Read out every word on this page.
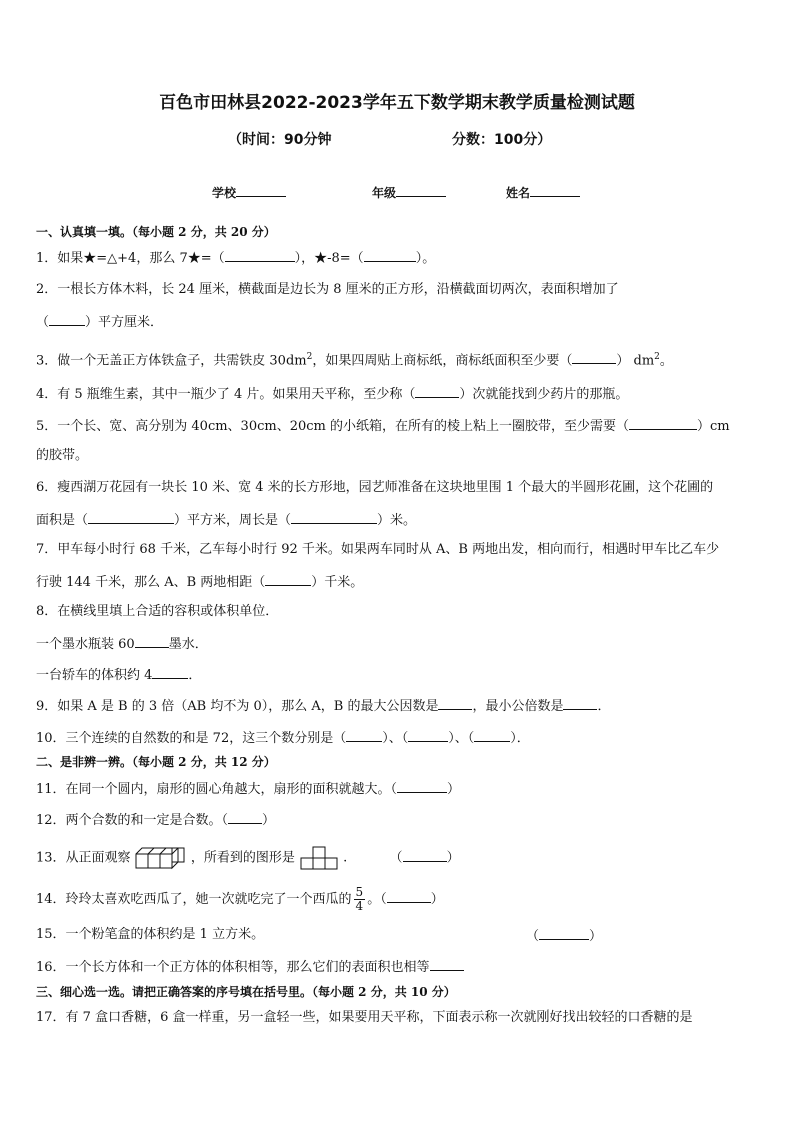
百色市田林县2022-2023学年五下数学期末教学质量检测试题
（时间：90分钟	分数：100分）
学校	年级	姓名
一、认真填一填。（每小题 2 分，共 20 分）
1．如果★=△+4，那么 7★=（	），★-8=（	）。
2．一根长方体木料，长 24 厘米，横截面是边长为 8 厘米的正方形，沿横截面切两次，表面积增加了
（	）平方厘米．
3．做一个无盖正方体铁盒子，共需铁皮 $30dm^2$，如果四周贴上商标纸，商标纸面积至少要（	） $dm^2$。
4．有 5 瓶维生素，其中一瓶少了 4 片。如果用天平称，至少称（	）次就能找到少药片的那瓶。
5．一个长、宽、高分别为 40cm、30cm、20cm 的小纸箱，在所有的棱上粘上一圈胶带，至少需要（	）cm
的胶带。
6．瘦西湖万花园有一块长 10 米、宽 4 米的长方形地，园艺师准备在这块地里围 1 个最大的半圆形花圃，这个花圃的
面积是（	）平方米，周长是（	）米。
7．甲车每小时行 68 千米，乙车每小时行 92 千米。如果两车同时从 A、B 两地出发，相向而行，相遇时甲车比乙车少
行驶 144 千米，那么 A、B 两地相距（	）千米。
8．在横线里填上合适的容积或体积单位．
一个墨水瓶装 60	墨水．
一台轿车的体积约 4	．
9．如果 A 是 B 的 3 倍（AB 均不为 0），那么 A，B 的最大公因数是	，最小公倍数是	．
10．三个连续的自然数的和是 72，这三个数分别是（	）、（	）、（	）．
二、是非辨一辨。（每小题 2 分，共 12 分）
11．在同一个圆内，扇形的圆心角越大，扇形的面积就越大。（	）
12．两个合数的和一定是合数。（	）
13．从正面观察	，所看到的图形是	.	（	）
14．玲玲太喜欢吃西瓜了，她一次就吃完了一个西瓜的 $\frac{5}{4}$ 。（	）
15．一个粉笔盒的体积约是 1 立方米。	（	）
16．一个长方体和一个正方体的体积相等，那么它们的表面积也相等
三、细心选一选。请把正确答案的序号填在括号里。（每小题 2 分，共 10 分）
17．有 7 盒口香糖，6 盒一样重，另一盒轻一些，如果要用天平称，下面表示称一次就刚好找出较轻的口香糖的是
